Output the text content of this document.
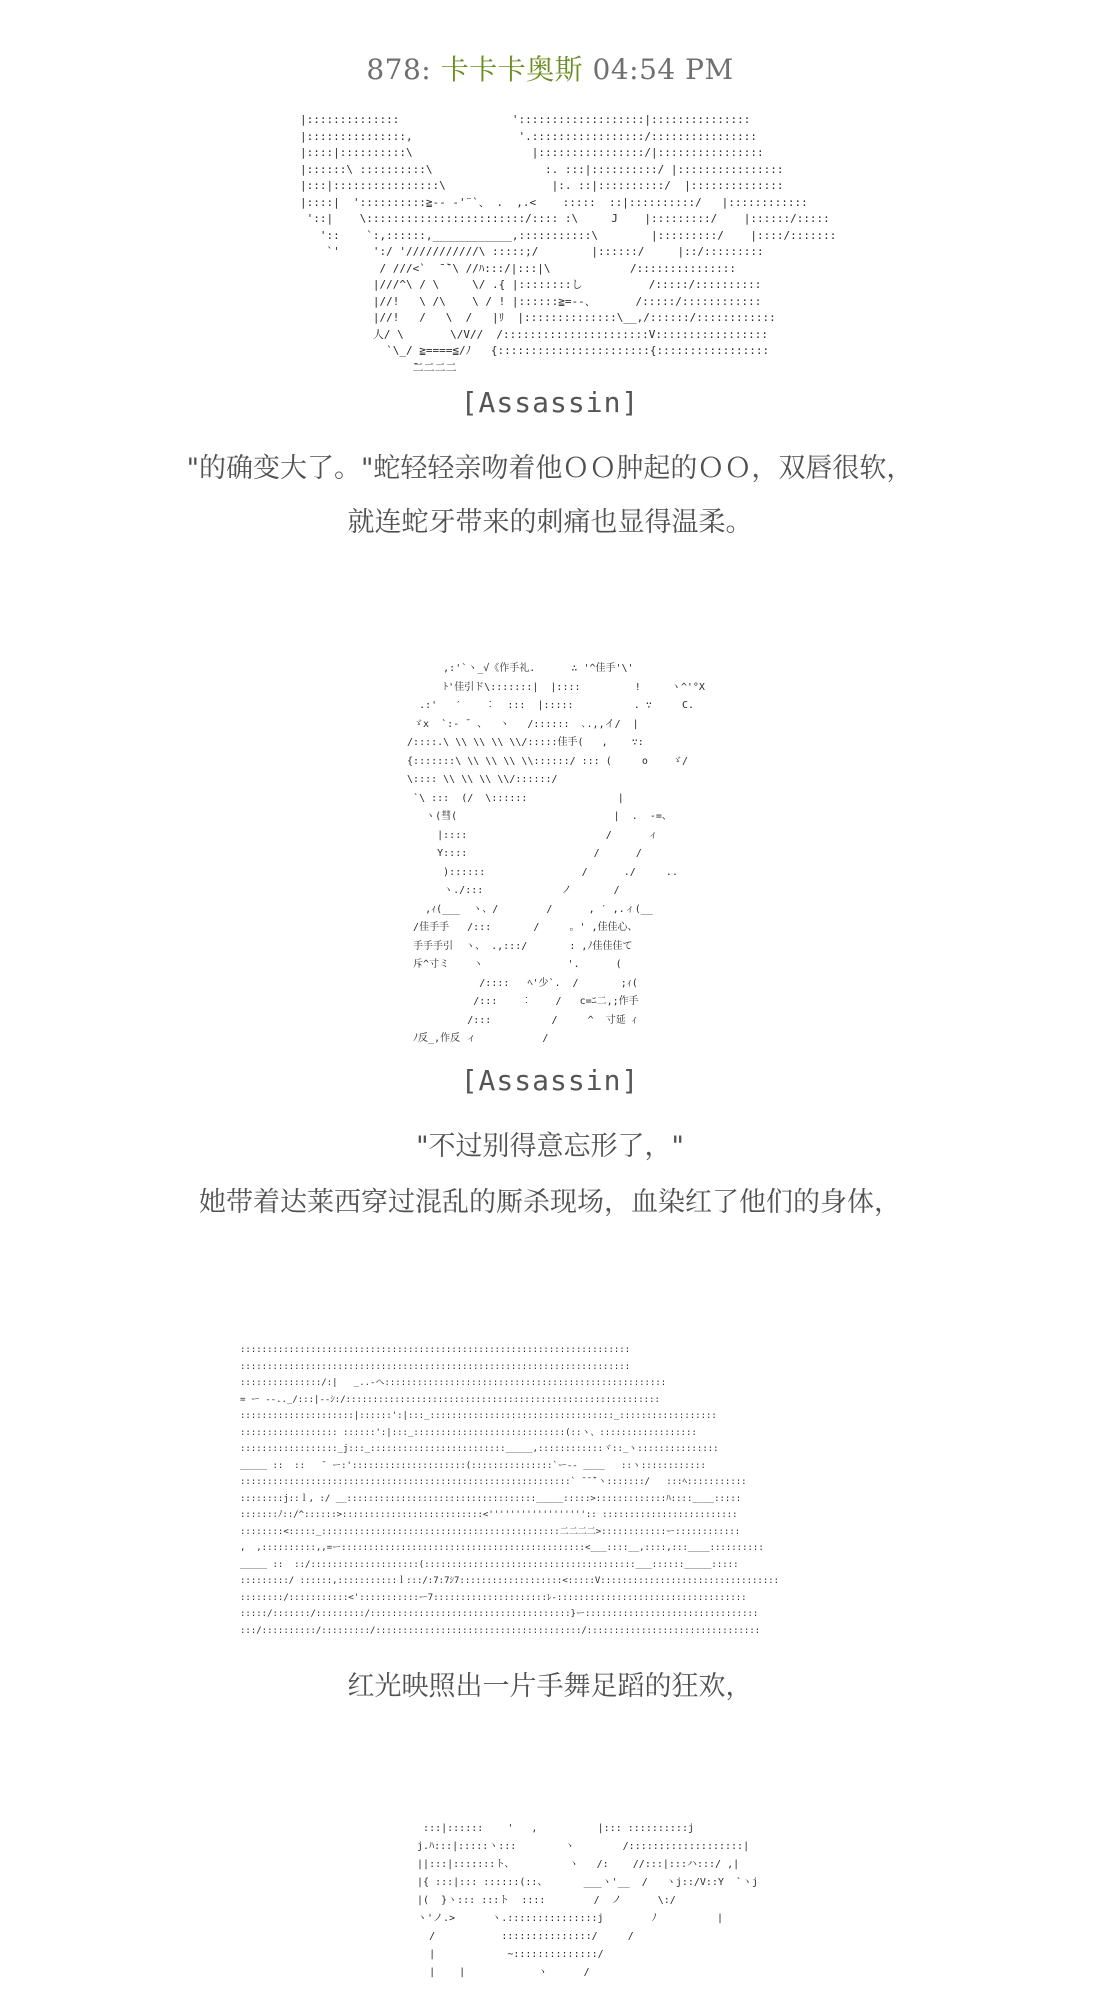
878: 卡卡卡奥斯 04:54 PM
|::::::::::::::                 ':::::::::::::::::::|:::::::::::::::
|:::::::::::::::,                '.:::::::::::::::::/::::::::::::::::
|::::|::::::::::\                  |::::::::::::::::/|::::::::::::::::
|::::::\ ::::::::::\                 :. :::|::::::::::/ |::::::::::::::::
|:::|::::::::::::::::\                |:. ::|::::::::::/  |::::::::::::::
|::::|  '::::::::::≧-- -'¨`、 .  ,.<    :::::  ::|::::::::::/   |::::::::::::
'::|    \::::::::::::::::::::::::/:::: :\     J    |:::::::::/    |::::::/:::::
'::    `:,::::::,____________,:::::::::::\        |:::::::::/    |::::/:::::::
`'     ':/ '///////////\ :::::;/        |::::::/     |::/:::::::::
/ ///<`  ̄ ̄`\ //ﾊ:::/|:::|\            /:::::::::::::::
|///^\ / \     \/ .{ |::::::::し          /:::::/::::::::::
|//!   \ /\    \ / ! |::::::≧=--、      /:::::/::::::::::::
|//!   /   \  /   |ﾘ  |::::::::::::::\__,/::::::/::::::::::::
人/ \       \/V//  /::::::::::::::::::::::V:::::::::::::::::
`\_/ ≧====≦/ﾉ   {:::::::::::::::::::::::{:::::::::::::::::
̄二二二二
[Assassin]
"的确变大了。"蛇轻轻亲吻着他ＯＯ肿起的ＯＯ，双唇很软，
就连蛇牙带来的刺痛也显得温柔。
,:'`ヽ_√《作手礼.      ∴ '^佳手'\'
ﾄ'佳引ド\:::::::|  |::::         !     ヽ^'°X
.:'   ′    ︰  :::  |:::::          . ∵     C.
ゞx  `:- ̄  、  ヽ   /::::::  ､.,,イ/  |
/::::.\ \\ \\ \\ \\/:::::佳手(   ,    ∵:
{:::::::\ \\ \\ \\ \\::::::/ ::: (     o    ゞ/
\:::: \\ \\ \\ \\/::::::/
`\ :::  (/  \::::::               |
ヽ(彗(                          |  .  -=、
|::::                       /      ィ
Y::::                     /      /
)::::::                /      ./     ..
ヽ./:::             ノ       /
,ｨ(___  ヽ、/        /      , ′ ,.ィ(__
/佳手手   /:::       /     。' ,佳佳心、
手手手引  ヽ、 .,:::/       : ,ﾉ佳佳佳て
斥^寸ミ    ヽ              '.      (
/::::   ﾍ'少`.  /       ;ｨ(
/:::    ︰    /   c=ﾆ二,;作手
/:::          /     ^  寸延 ｨ
ﾉ反_,作反 ィ           /
[Assassin]
"不过别得意忘形了，"
她带着达莱西穿过混乱的厮杀现场，血染红了他们的身体，
::::::::::::::::::::::::::::::::::::::::::::::::::::::::::::::::::::::::
::::::::::::::::::::::::::::::::::::::::::::::::::::::::::::::::::::::::
:::::::::::::::/:|   _..-ヘ::::::::::::::::::::::::::::::::::::::::::::::::::::
= ー ‐-.._/:::|--ｼ:/::::::::::::::::::::::::::::::::::::::::::::::::::::::::::
:::::::::::::::::::::|::::::':|:::_::::::::::::::::::::::::::::::::::_::::::::::::::::::
:::::::::::::::::: ::::::':|:::_::::::::::::::::::::::::::::(::ヽ、::::::::::::::::::
::::::::::::::::::_j:::_:::::::::::::::::::::::::_____,::::::::::::ヾ::_ヽ:::::::::::::::
_____ ::  ::   ¯ ー:':::::::::::::::::::::(:::::::::::::::`ー-- ____   ::ヽ::::::::::::
:::::::::::::::::::::::::::::::::::::::::::::::::::::::::::::` ̄ ̄ ̄`ヽ:::::::/   :::ﾍ:::::::::::
::::::::j::ｌ, :/ __:::::::::::::::::::::::::::::::::::_____:::::>:::::::::::::ﾊ::::____:::::
:::::::ﾉ::/^::::::>::::::::::::::::::::::::::<'''''''''''''''''':: :::::::::::::::::::::::::
::::::::<:::::_::::::::::::::::::::::::::::::::::::::::::::二二二二>::::::::::::ー::::::::::::
,  ,::::::::::,,=ー:::::::::::::::::::::::::::::::::::::::::::::<___::::__,::::,:::____::::::::::
_____ ::  ::/::::::::::::::::::::(:::::::::::::::::::::::::::::::::::::::___::::::_____:::::
:::::::::/ ::::::,:::::::::::ｌ:::/:7:7ｼ7:::::::::::::::::::<:::::V:::::::::::::::::::::::::::::::::
::::::::/:::::::::::<':::::::::::ー7:::::::::::::::::::::ﾚ-:::::::::::::::::::::::::::::::::::
:::::/:::::::/:::::::::/:::::::::::::::::::::::::::::::::::::}ー::::::::::::::::::::::::::::::::
:::/::::::::::/:::::::::/::::::::::::::::::::::::::::::::::::::/::::::::::::::::::::::::::::::::
红光映照出一片手舞足蹈的狂欢，
:::|::::::    '   ,          |::: ::::::::::j
j.ﾊ:::|:::::ヽ:::        ヽ        /:::::::::::::::::::|
||:::|:::::::ト、         ヽ   /:    //:::|:::ハ:::/ ,|
|{ :::|::: ::::::(::、      ___ヽ'__  /   ヽj::/V::Y  `ヽj
|(  }ヽ::: :::ト  ::::        /  ノ      \:/
ヽ'ノ.>      ヽ.:::::::::::::::j        ﾉ          |
/           :::::::::::::::/     /
|            ~::::::::::::::/
|    |            ヽ      /
